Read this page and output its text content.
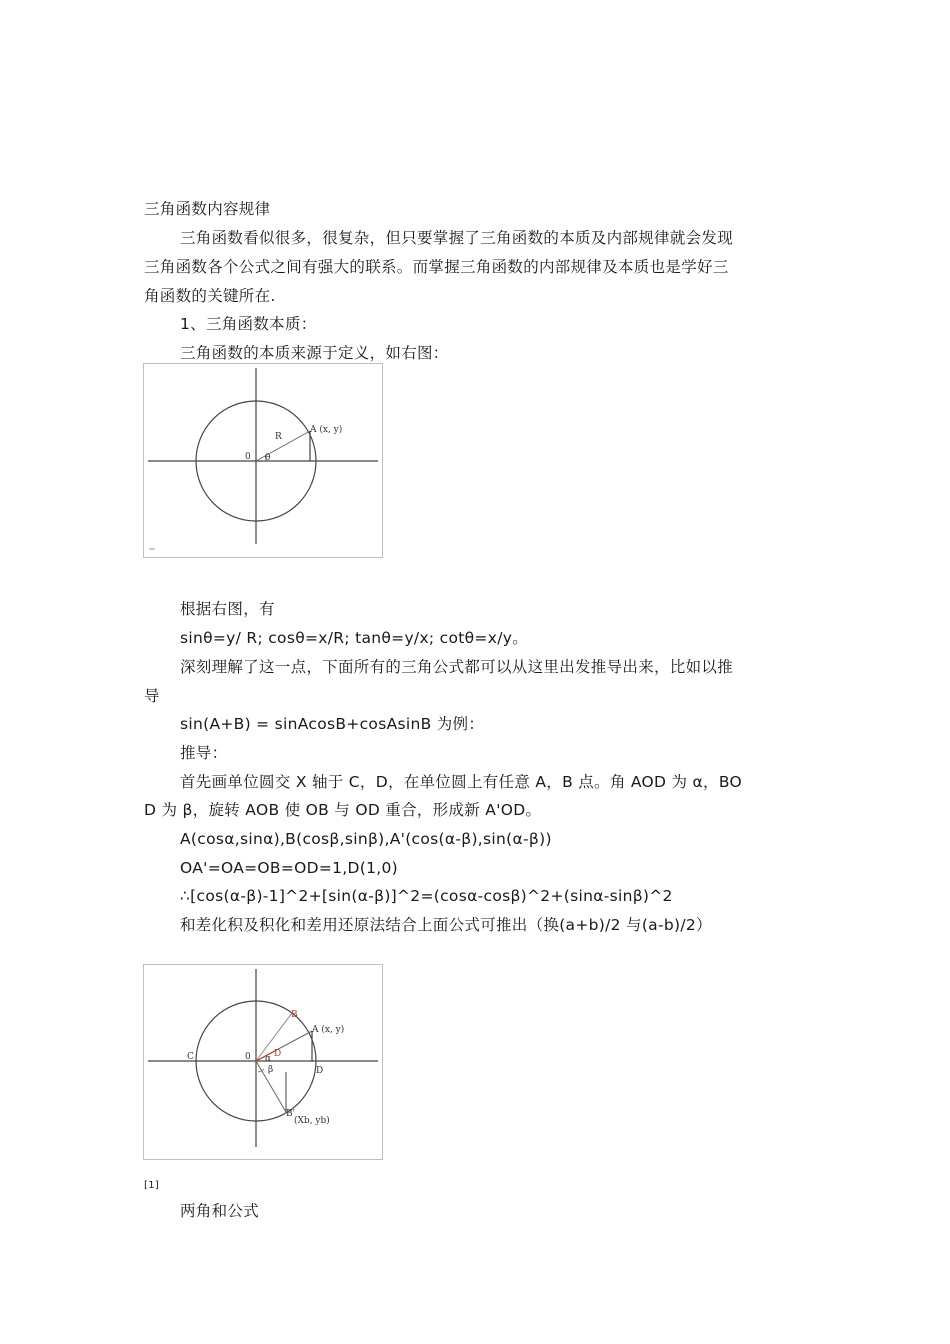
三角函数内容规律
三角函数看似很多，很复杂，但只要掌握了三角函数的本质及内部规律就会发现
三角函数各个公式之间有强大的联系。而掌握三角函数的内部规律及本质也是学好三
角函数的关键所在.
1、三角函数本质：
三角函数的本质来源于定义，如右图：
0 θ
R
A (x, y)
根据右图，有
sinθ=y/ R; cosθ=x/R; tanθ=y/x; cotθ=x/y。
深刻理解了这一点，下面所有的三角公式都可以从这里出发推导出来，比如以推
导
sin(A+B) = sinAcosB+cosAsinB 为例：
推导：
首先画单位圆交 X 轴于 C，D，在单位圆上有任意 A，B 点。角 AOD 为 α，BO
D 为 β，旋转 AOB 使 OB 与 OD 重合，形成新 A'OD。
A(cosα,sinα),B(cosβ,sinβ),A'(cos(α-β),sin(α-β))
OA'=OA=OB=OD=1,D(1,0)
∴[cos(α-β)-1]^2+[sin(α-β)]^2=(cosα-cosβ)^2+(sinα-sinβ)^2
和差化积及积化和差用还原法结合上面公式可推出（换(a+b)/2 与(a-b)/2）
B
A (x, y)
C	0	D
α
β	D
B'
(Xb, yb)
[1]
两角和公式
